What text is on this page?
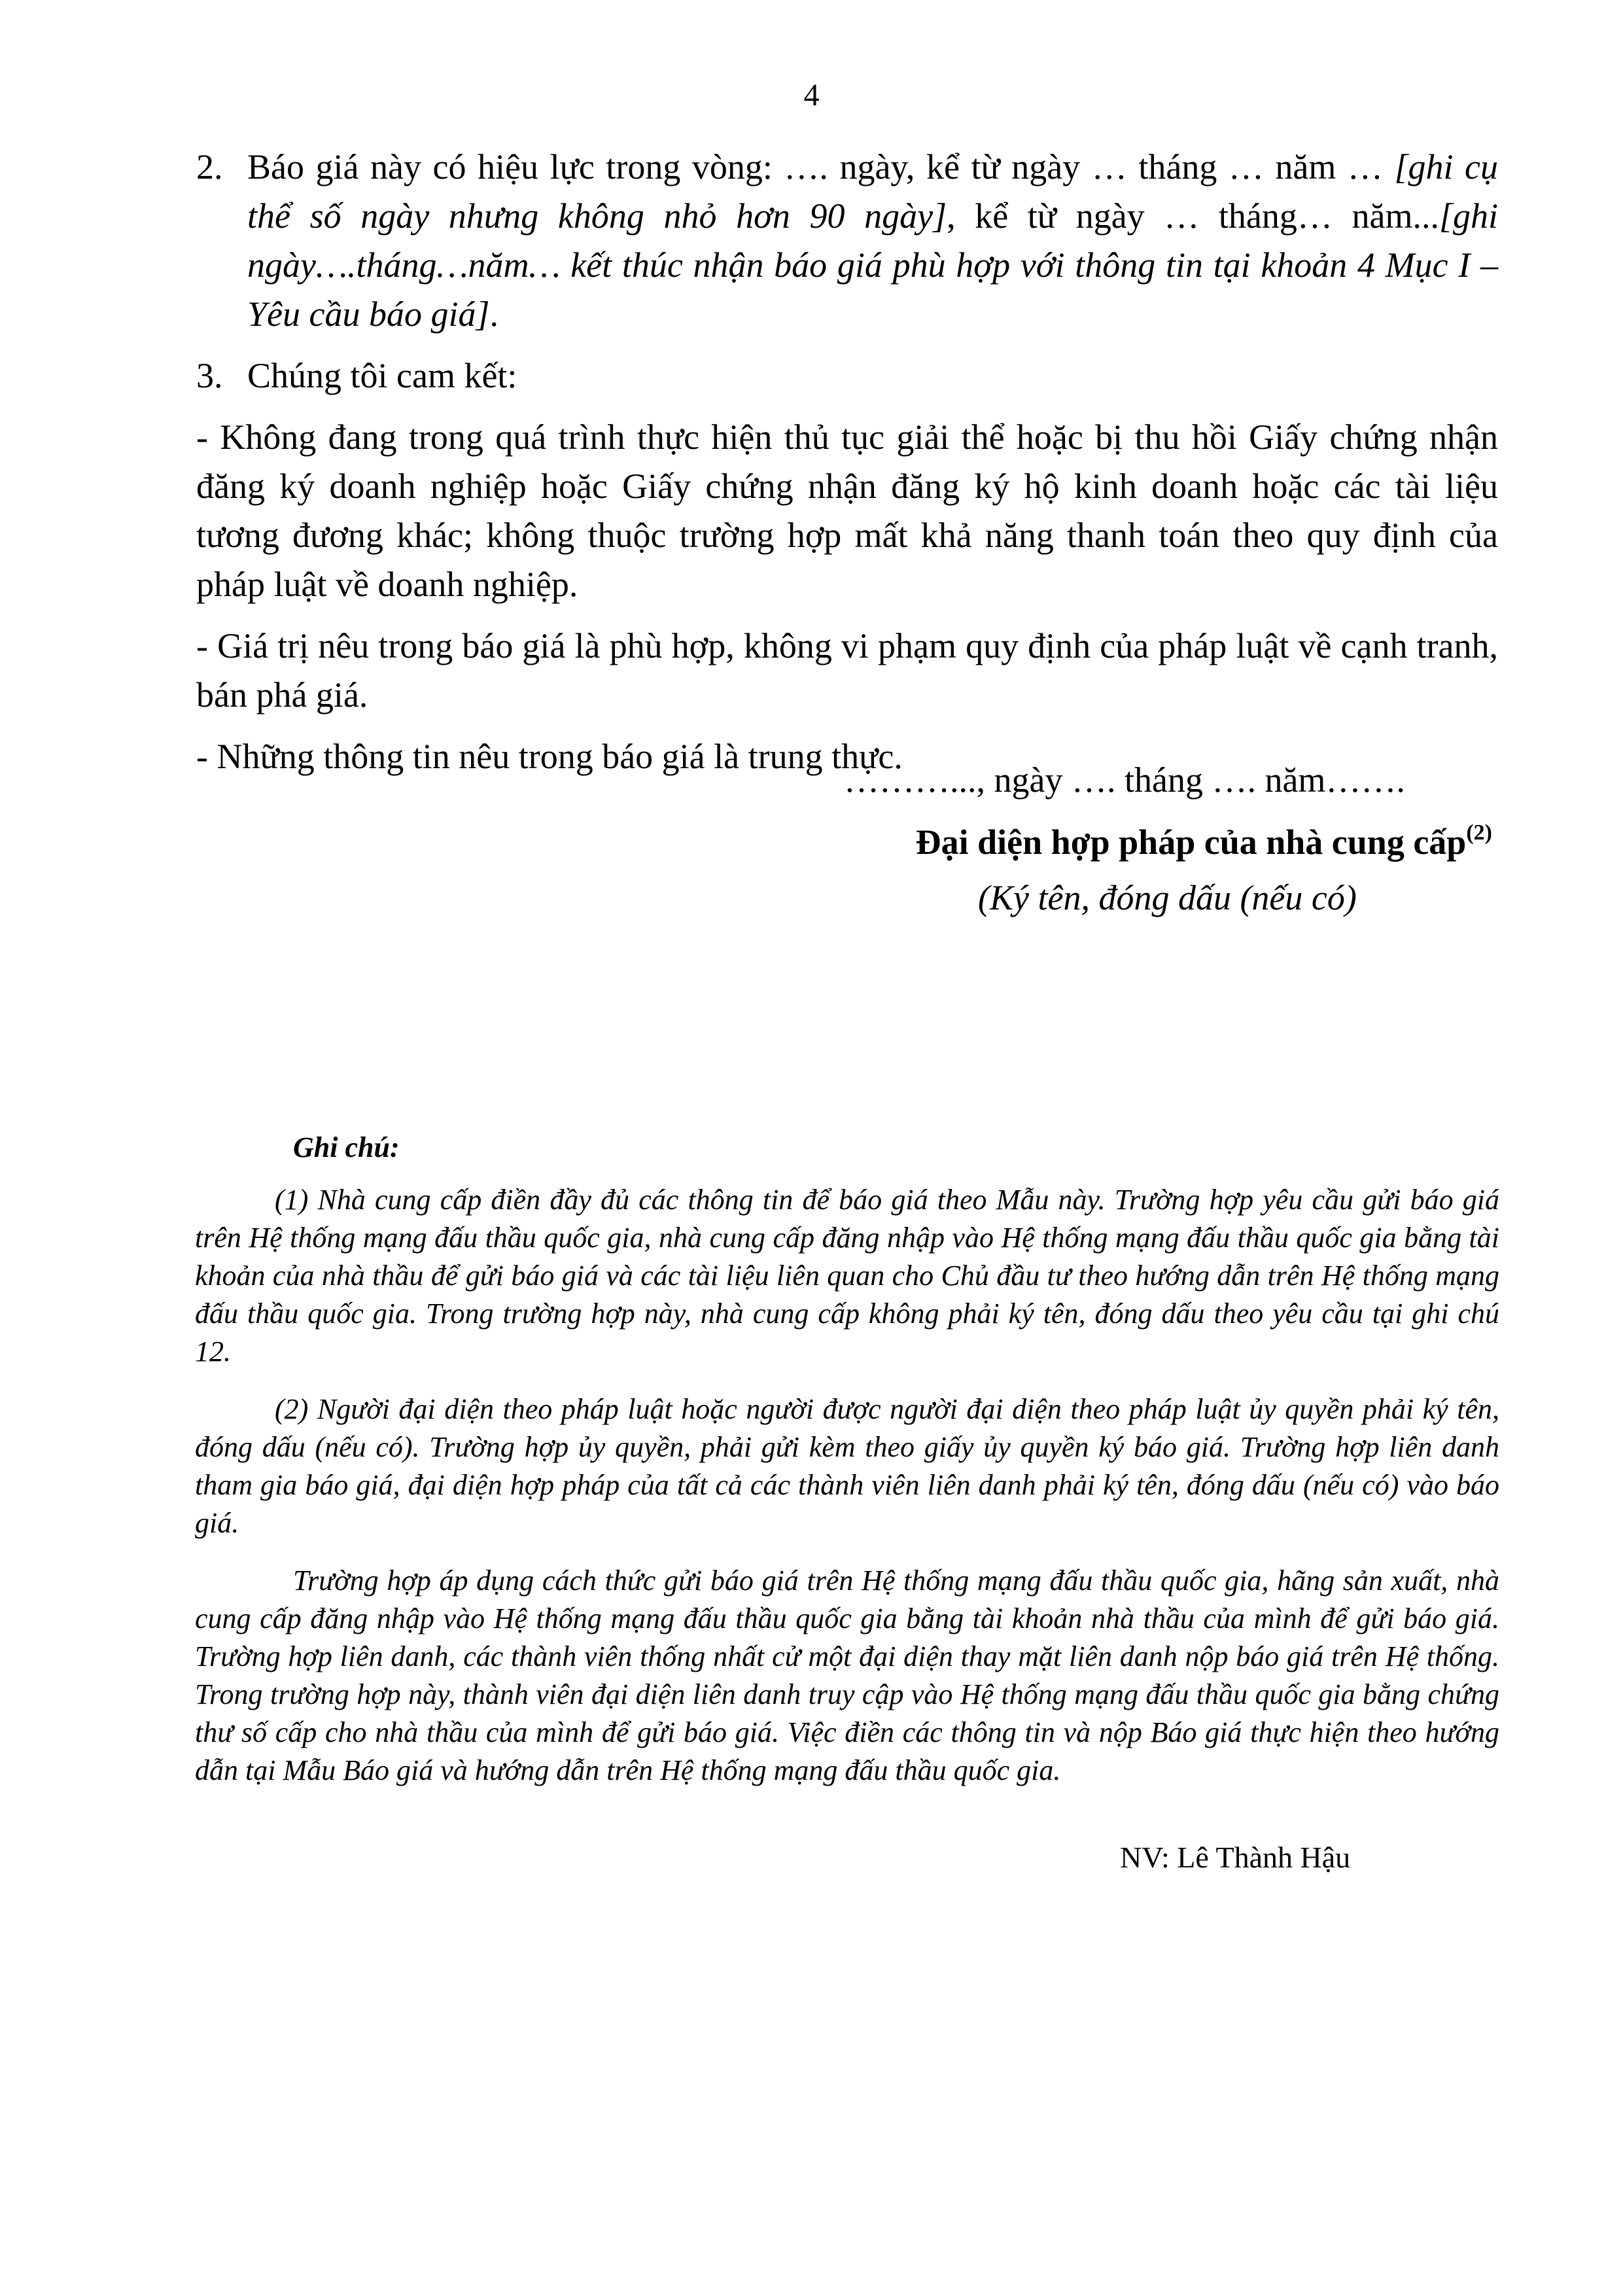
4
2. Báo giá này có hiệu lực trong vòng: …. ngày, kể từ ngày … tháng … năm … [ghi cụ thể số ngày nhưng không nhỏ hơn 90 ngày], kể từ ngày … tháng… năm...[ghi ngày….tháng…năm… kết thúc nhận báo giá phù hợp với thông tin tại khoản 4 Mục I – Yêu cầu báo giá].
3. Chúng tôi cam kết:
- Không đang trong quá trình thực hiện thủ tục giải thể hoặc bị thu hồi Giấy chứng nhận đăng ký doanh nghiệp hoặc Giấy chứng nhận đăng ký hộ kinh doanh hoặc các tài liệu tương đương khác; không thuộc trường hợp mất khả năng thanh toán theo quy định của pháp luật về doanh nghiệp.
- Giá trị nêu trong báo giá là phù hợp, không vi phạm quy định của pháp luật về cạnh tranh, bán phá giá.
- Những thông tin nêu trong báo giá là trung thực.
………..., ngày …. tháng …. năm…….
Đại diện hợp pháp của nhà cung cấp$^{(2)}$
(Ký tên, đóng dấu (nếu có)
Ghi chú:

(1) Nhà cung cấp điền đầy đủ các thông tin để báo giá theo Mẫu này. Trường hợp yêu cầu gửi báo giá trên Hệ thống mạng đấu thầu quốc gia, nhà cung cấp đăng nhập vào Hệ thống mạng đấu thầu quốc gia bằng tài khoản của nhà thầu để gửi báo giá và các tài liệu liên quan cho Chủ đầu tư theo hướng dẫn trên Hệ thống mạng đấu thầu quốc gia. Trong trường hợp này, nhà cung cấp không phải ký tên, đóng dấu theo yêu cầu tại ghi chú 12.

(2) Người đại diện theo pháp luật hoặc người được người đại diện theo pháp luật ủy quyền phải ký tên, đóng dấu (nếu có). Trường hợp ủy quyền, phải gửi kèm theo giấy ủy quyền ký báo giá. Trường hợp liên danh tham gia báo giá, đại diện hợp pháp của tất cả các thành viên liên danh phải ký tên, đóng dấu (nếu có) vào báo giá.

Trường hợp áp dụng cách thức gửi báo giá trên Hệ thống mạng đấu thầu quốc gia, hãng sản xuất, nhà cung cấp đăng nhập vào Hệ thống mạng đấu thầu quốc gia bằng tài khoản nhà thầu của mình để gửi báo giá. Trường hợp liên danh, các thành viên thống nhất cử một đại diện thay mặt liên danh nộp báo giá trên Hệ thống. Trong trường hợp này, thành viên đại diện liên danh truy cập vào Hệ thống mạng đấu thầu quốc gia bằng chứng thư số cấp cho nhà thầu của mình để gửi báo giá. Việc điền các thông tin và nộp Báo giá thực hiện theo hướng dẫn tại Mẫu Báo giá và hướng dẫn trên Hệ thống mạng đấu thầu quốc gia.

NV: Lê Thành Hậu
